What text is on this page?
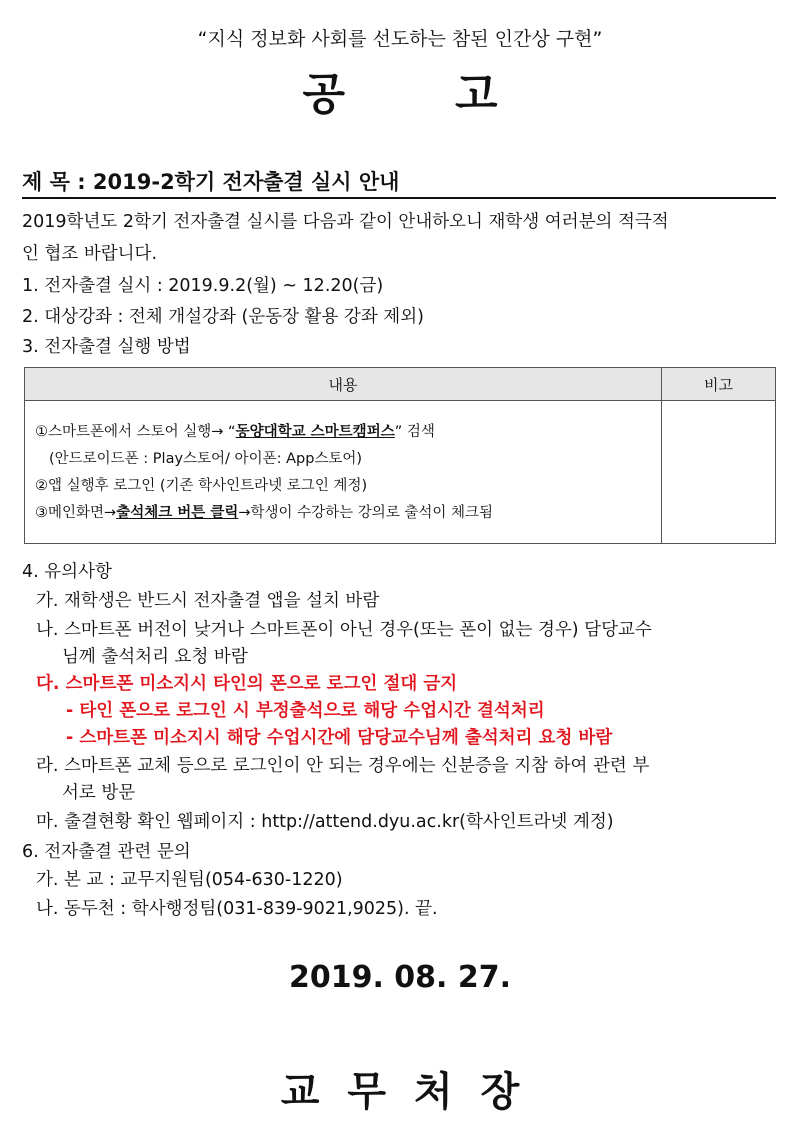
“지식 정보화 사회를 선도하는 참된 인간상 구현”
공고
제 목 : 2019-2학기 전자출결 실시 안내
2019학년도 2학기 전자출결 실시를 다음과 같이 안내하오니 재학생 여러분의 적극적
인 협조 바랍니다.
1. 전자출결 실시 : 2019.9.2(월) ~ 12.20(금)
2. 대상강좌 : 전체 개설강좌 (운동장 활용 강좌 제외)
3. 전자출결 실행 방법
내용	비고

①스마트폰에서 스토어 실행→ “동양대학교 스마트캠퍼스” 검색
(안드로이드폰 : Play스토어/ 아이폰: App스토어)
②앱 실행후 로그인 (기존 학사인트라넷 로그인 계정)
③메인화면→출석체크 버튼 클릭→학생이 수강하는 강의로 출석이 체크됨	

4. 유의사항
가. 재학생은 반드시 전자출결 앱을 설치 바람
나. 스마트폰 버전이 낮거나 스마트폰이 아닌 경우(또는 폰이 없는 경우) 담당교수
님께 출석처리 요청 바람
다. 스마트폰 미소지시 타인의 폰으로 로그인 절대 금지
- 타인 폰으로 로그인 시 부정출석으로 해당 수업시간 결석처리
- 스마트폰 미소지시 해당 수업시간에 담당교수님께 출석처리 요청 바람
라. 스마트폰 교체 등으로 로그인이 안 되는 경우에는 신분증을 지참 하여 관련 부
서로 방문
마. 출결현황 확인 웹페이지 : http://attend.dyu.ac.kr(학사인트라넷 계정)
6. 전자출결 관련 문의
가. 본 교 : 교무지원팀(054-630-1220)
나. 동두천 : 학사행정팀(031-839-9021,9025). 끝.
2019. 08. 27.
교무처장
